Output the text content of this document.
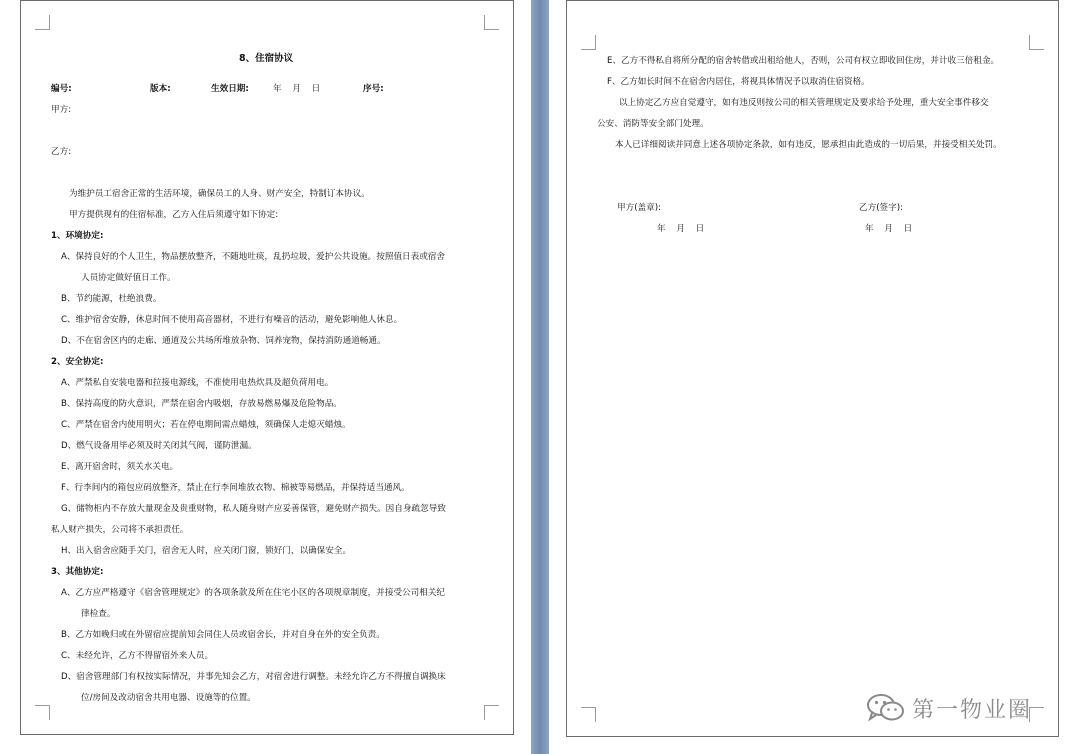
8、住宿协议
编号:	版本:	生效日期:	年 月 日	序号:
甲方:
乙方:
为维护员工宿舍正常的生活环境，确保员工的人身、财产安全，特制订本协议。
甲方提供现有的住宿标准，乙方入住后须遵守如下协定:
1、环境协定:
A、保持良好的个人卫生，物品摆放整齐，不随地吐痰，乱扔垃圾，爱护公共设施。按照值日表或宿舍
人员协定做好值日工作。
B、节约能源，杜绝浪费。
C、维护宿舍安静，休息时间不使用高音器材，不进行有噪音的活动，避免影响他人休息。
D、不在宿舍区内的走廊、通道及公共场所堆放杂物、饲养宠物，保持消防通道畅通。
2、安全协定:
A、严禁私自安装电器和拉接电源线，不准使用电热炊具及超负荷用电。
B、保持高度的防火意识，严禁在宿舍内吸烟，存放易燃易爆及危险物品。
C、严禁在宿舍内使用明火；若在停电期间需点蜡烛，须确保人走熄灭蜡烛。
D、燃气设备用毕必须及时关闭其气阀，谨防泄漏。
E、离开宿舍时，须关水关电。
F、行李间内的箱包应码放整齐，禁止在行李间堆放衣物、棉被等易燃品，并保持适当通风。
G、储物柜内不存放大量现金及贵重财物，私人随身财产应妥善保管，避免财产损失。因自身疏忽导致
私人财产损失，公司将不承担责任。
H、出入宿舍应随手关门，宿舍无人时，应关闭门窗，锁好门，以确保安全。
3、其他协定:
A、乙方应严格遵守《宿舍管理规定》的各项条款及所在住宅小区的各项规章制度，并接受公司相关纪
律检查。
B、乙方如晚归或在外留宿应提前知会同住人员或宿舍长，并对自身在外的安全负责。
C、未经允许，乙方不得留宿外来人员。
D、宿舍管理部门有权按实际情况，并事先知会乙方，对宿舍进行调整。未经允许乙方不得擅自调换床
位/房间及改动宿舍共用电器、设施等的位置。
E、乙方不得私自将所分配的宿舍转借或出租给他人，否则，公司有权立即收回住房，并计收三倍租金。
F、乙方如长时间不在宿舍内居住，将视具体情况予以取消住宿资格。
以上协定乙方应自觉遵守，如有违反则按公司的相关管理规定及要求给予处理，重大安全事件移交
公安、消防等安全部门处理。
本人已详细阅读并同意上述各项协定条款，如有违反，愿承担由此造成的一切后果，并接受相关处罚。
甲方(盖章):	乙方(签字):
年 月 日	年 月 日
第一物业圈
